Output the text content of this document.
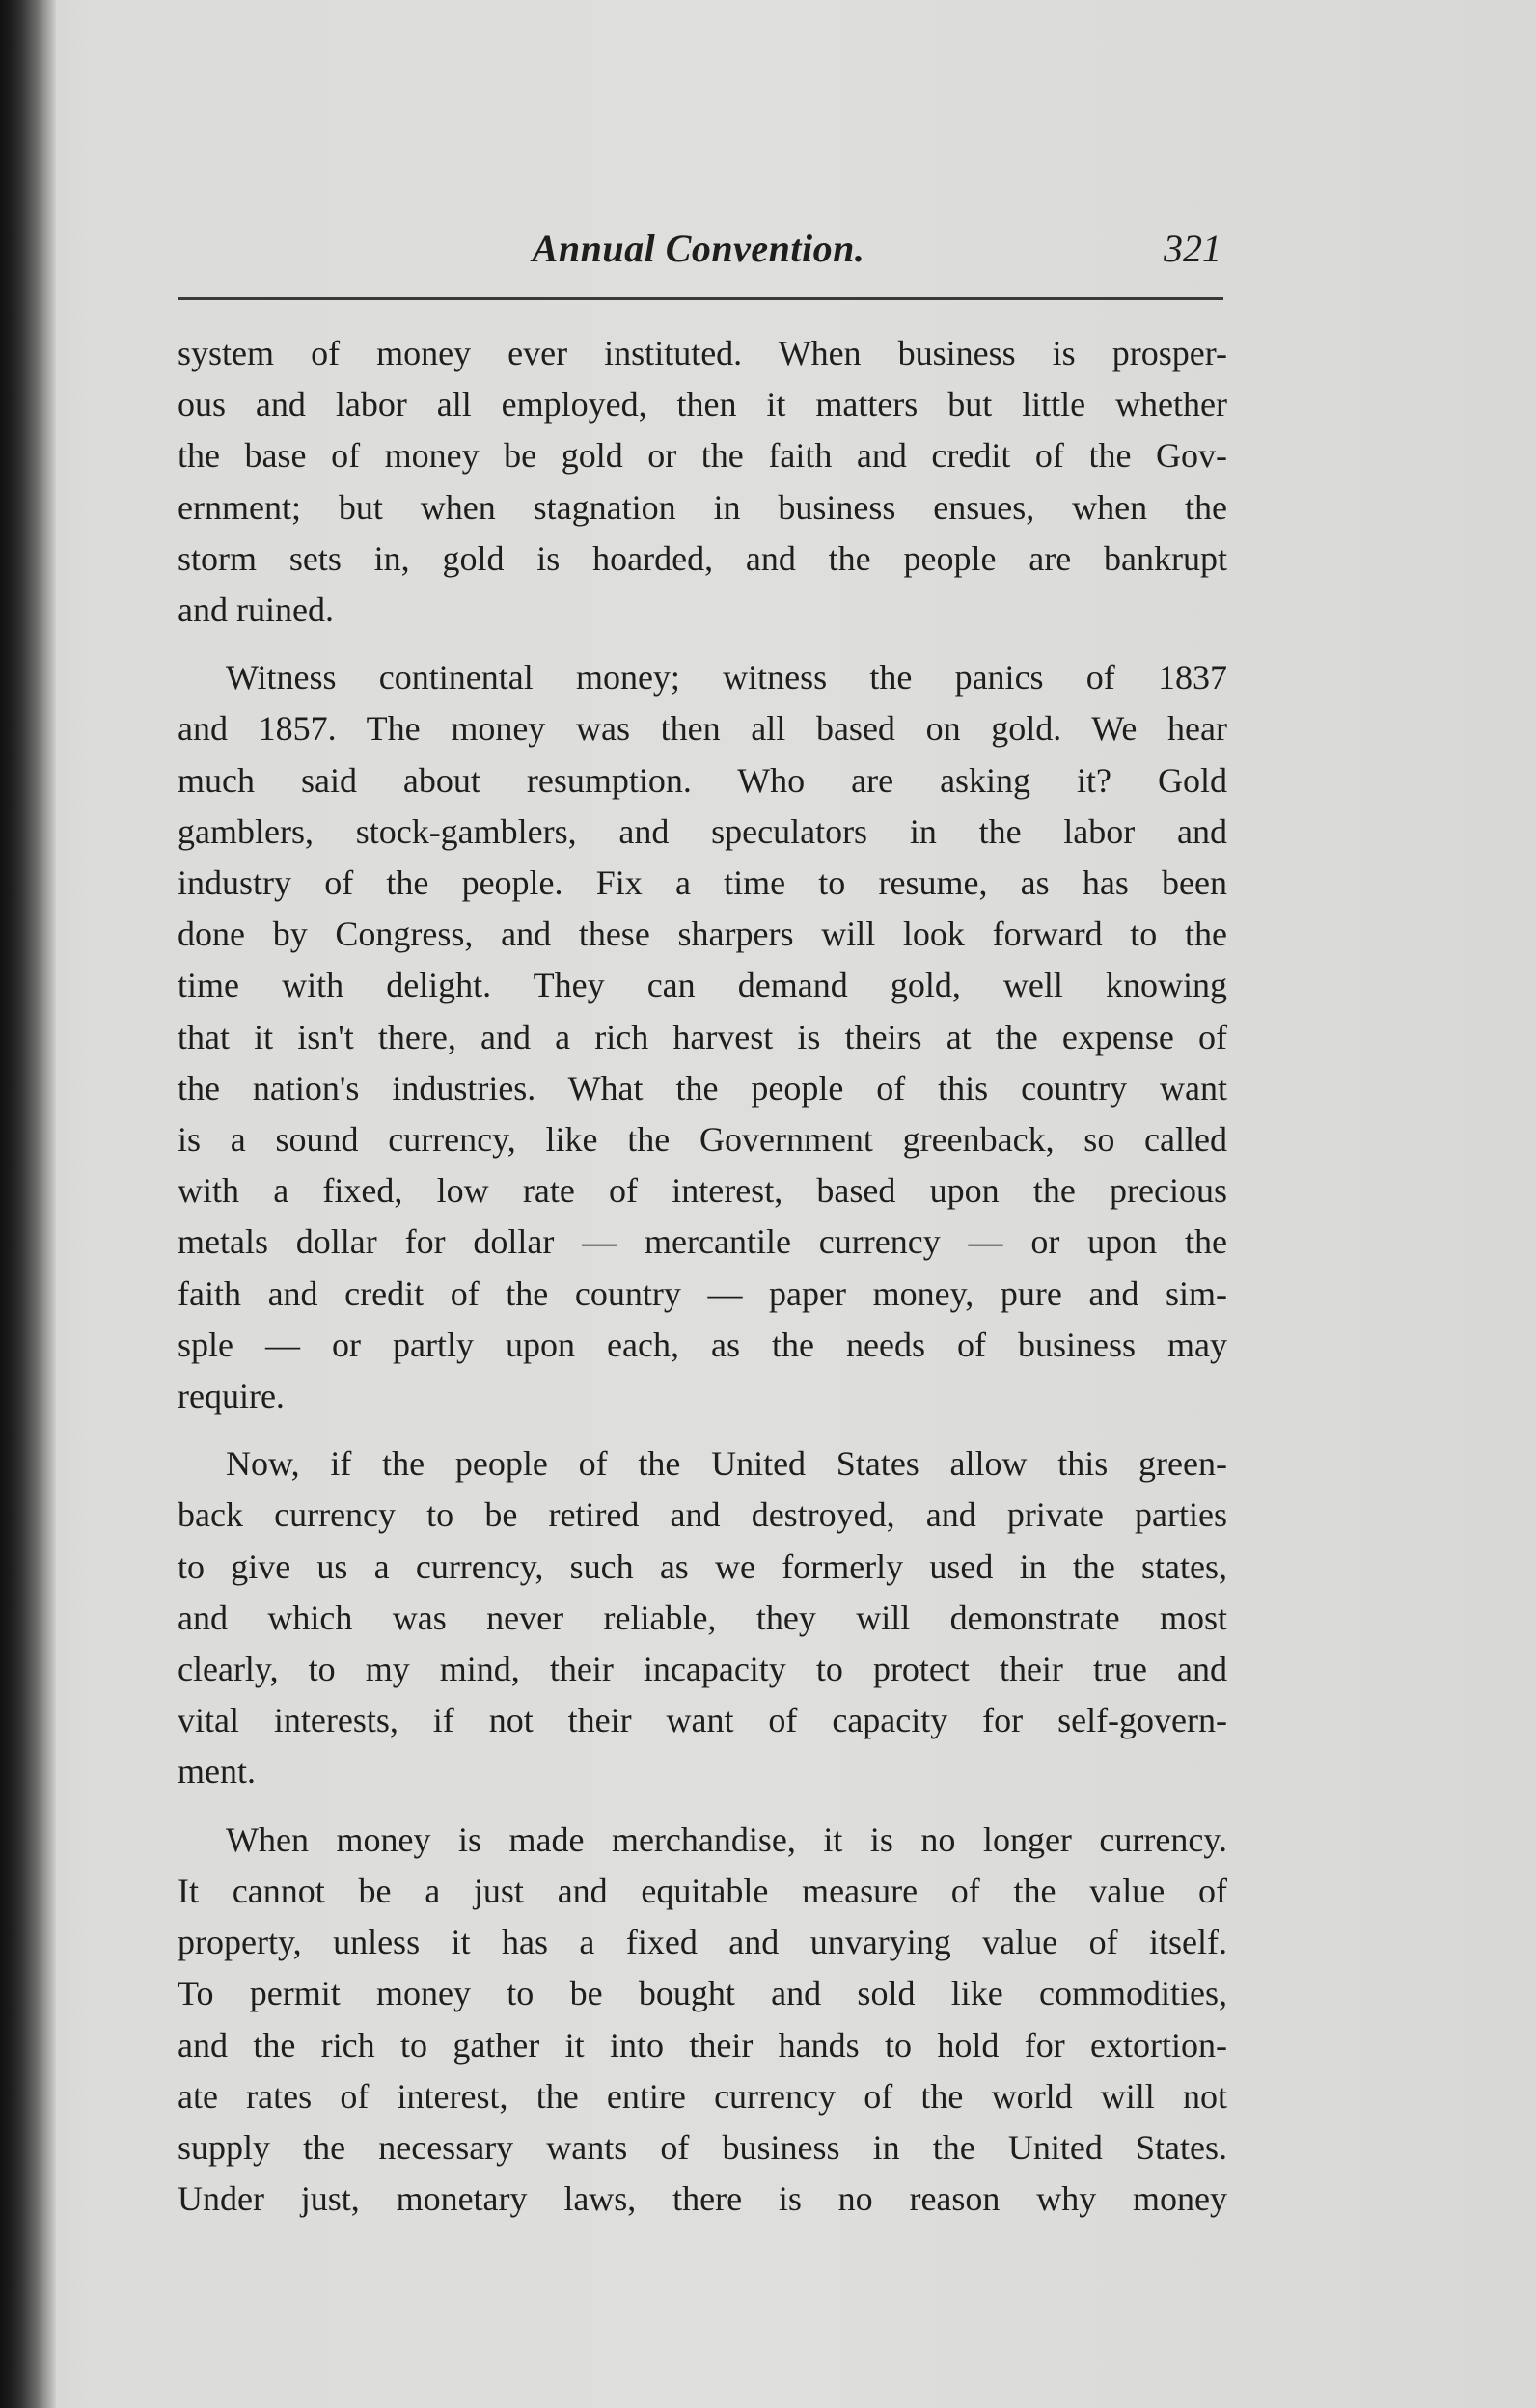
Annual Convention.	321

system of money ever instituted. When business is prosper-
ous and labor all employed, then it matters but little whether
the base of money be gold or the faith and credit of the Gov-
ernment; but when stagnation in business ensues, when the
storm sets in, gold is hoarded, and the people are bankrupt
and ruined.

Witness continental money; witness the panics of 1837
and 1857. The money was then all based on gold. We hear
much said about resumption. Who are asking it? Gold
gamblers, stock-gamblers, and speculators in the labor and
industry of the people. Fix a time to resume, as has been
done by Congress, and these sharpers will look forward to the
time with delight. They can demand gold, well knowing
that it isn't there, and a rich harvest is theirs at the expense of
the nation's industries. What the people of this country want
is a sound currency, like the Government greenback, so called
with a fixed, low rate of interest, based upon the precious
metals dollar for dollar — mercantile currency — or upon the
faith and credit of the country — paper money, pure and sim-
sple — or partly upon each, as the needs of business may
require.

Now, if the people of the United States allow this green-
back currency to be retired and destroyed, and private parties
to give us a currency, such as we formerly used in the states,
and which was never reliable, they will demonstrate most
clearly, to my mind, their incapacity to protect their true and
vital interests, if not their want of capacity for self-govern-
ment.

When money is made merchandise, it is no longer currency.
It cannot be a just and equitable measure of the value of
property, unless it has a fixed and unvarying value of itself.
To permit money to be bought and sold like commodities,
and the rich to gather it into their hands to hold for extortion-
ate rates of interest, the entire currency of the world will not
supply the necessary wants of business in the United States.
Under just, monetary laws, there is no reason why money
